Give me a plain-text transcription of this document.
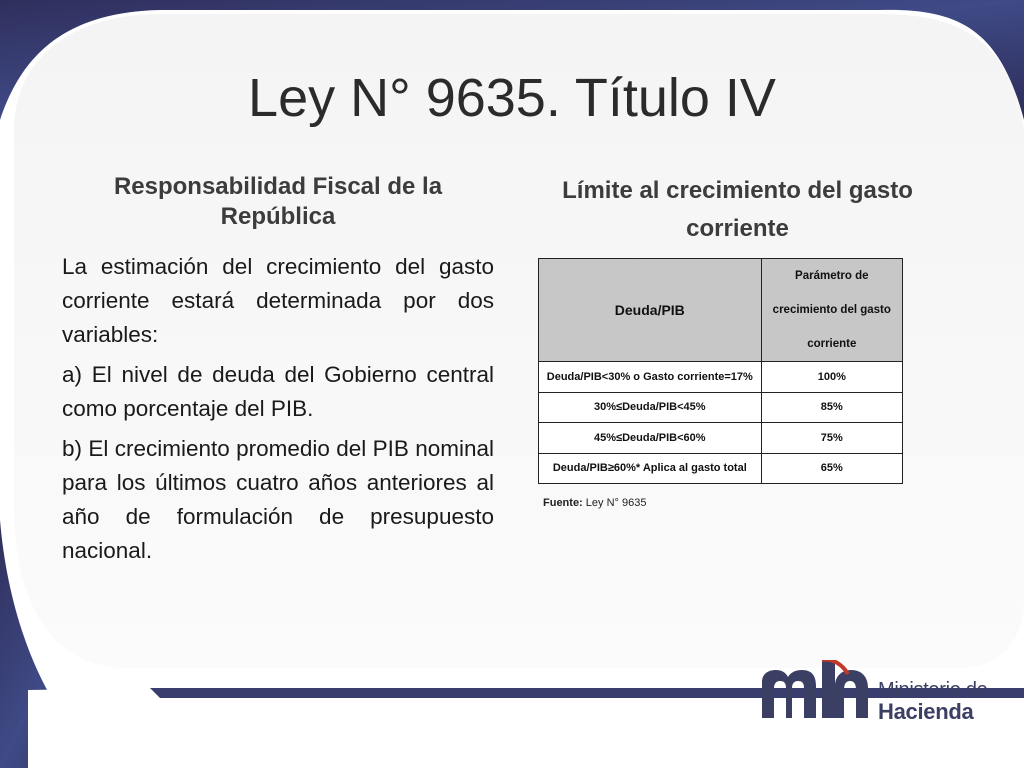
Ley N° 9635. Título IV
Responsabilidad Fiscal de la República

La estimación del crecimiento del gasto corriente estará determinada por dos variables:

a) El nivel de deuda del Gobierno central como porcentaje del PIB.

b) El crecimiento promedio del PIB nominal para los últimos cuatro años anteriores al año de formulación de presupuesto nacional.

Límite al crecimiento del gasto corriente
Deuda/PIB	Parámetro de crecimiento del gasto corriente
Deuda/PIB<30% o Gasto corriente=17%	100%
30%≤Deuda/PIB<45%	85%
45%≤Deuda/PIB<60%	75%
Deuda/PIB≥60%* Aplica al gasto total	65%
Fuente: Ley N° 9635
Ministerio de
Hacienda
